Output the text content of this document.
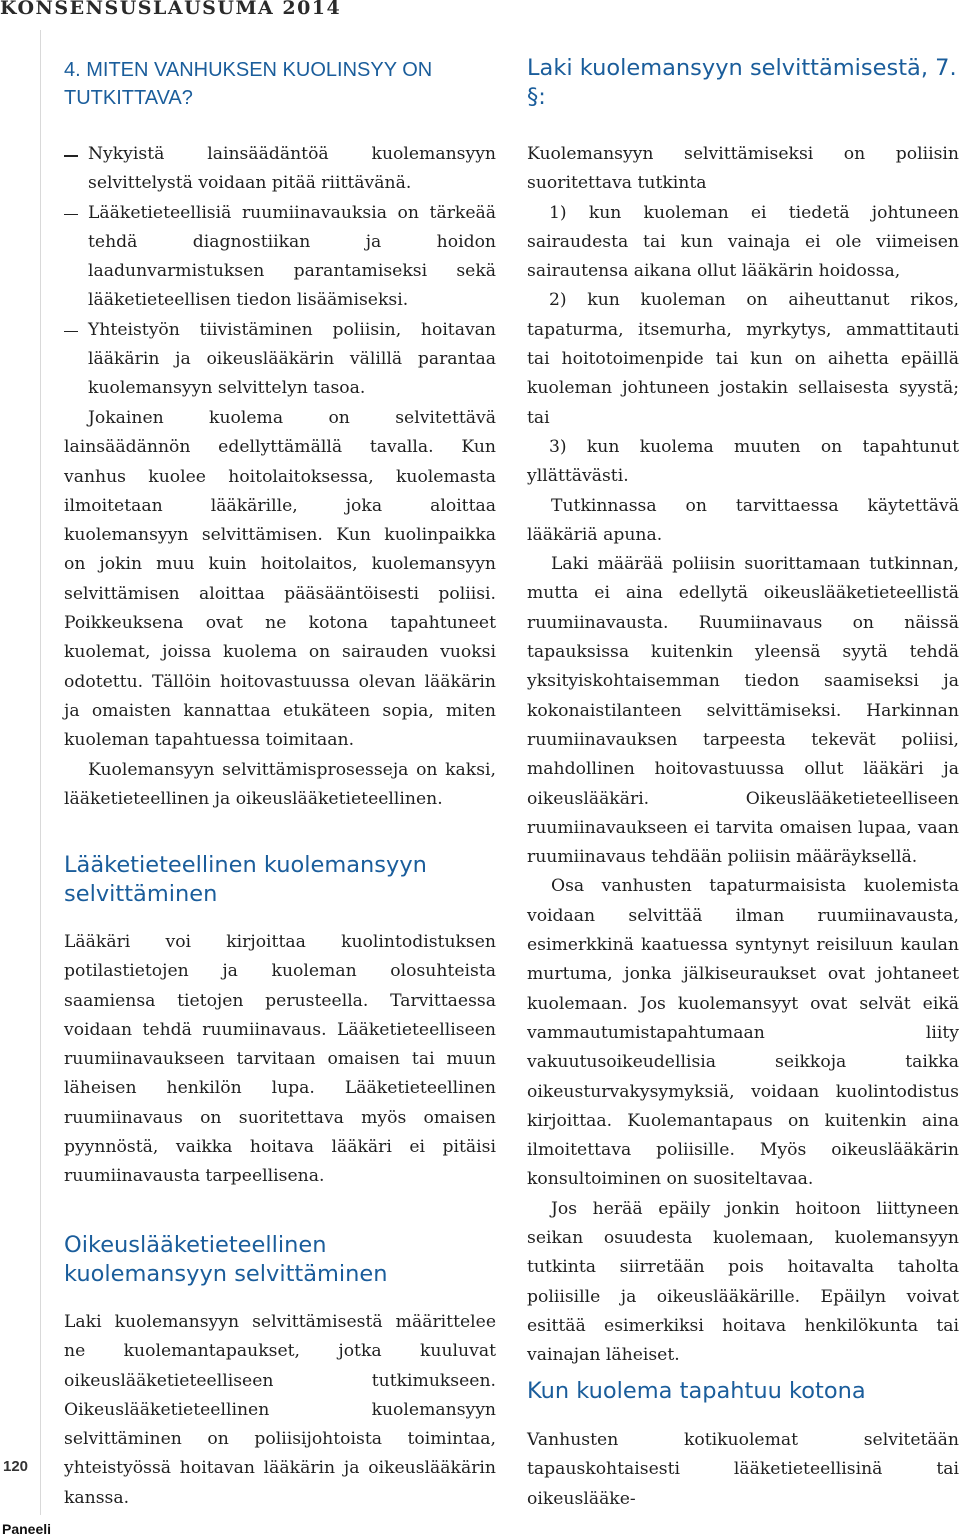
KONSENSUSLAUSUMA 2014
120
Paneeli
4. MITEN VANHUKSEN KUOLINSYY ON TUTKITTAVA?
Nykyistä lainsäädäntöä kuolemansyyn selvittelystä voidaan pitää riittävänä.
Lääketieteellisiä ruumiinavauksia on tärkeää tehdä diagnostiikan ja hoidon laadunvarmistuksen parantamiseksi sekä lääketieteellisen tiedon lisäämiseksi.
Yhteistyön tiivistäminen poliisin, hoitavan lääkärin ja oikeuslääkärin välillä parantaa kuolemansyyn selvittelyn tasoa.

Jokainen kuolema on selvitettävä lainsäädännön edellyttämällä tavalla. Kun vanhus kuolee hoitolaitoksessa, kuolemasta ilmoitetaan lääkärille, joka aloittaa kuolemansyyn selvittämisen. Kun kuolinpaikka on jokin muu kuin hoitolaitos, kuolemansyyn selvittämisen aloittaa pääsääntöisesti poliisi. Poikkeuksena ovat ne kotona tapahtuneet kuolemat, joissa kuolema on sairauden vuoksi odotettu. Tällöin hoitovastuussa olevan lääkärin ja omaisten kannattaa etukäteen sopia, miten kuoleman tapahtuessa toimitaan.

Kuolemansyyn selvittämisprosesseja on kaksi, lääketieteellinen ja oikeuslääketieteellinen.

Lääketieteellinen kuolemansyyn selvittäminen

Lääkäri voi kirjoittaa kuolintodistuksen potilastietojen ja kuoleman olosuhteista saamiensa tietojen perusteella. Tarvittaessa voidaan tehdä ruumiinavaus. Lääketieteelliseen ruumiinavaukseen tarvitaan omaisen tai muun läheisen henkilön lupa. Lääketieteellinen ruumiinavaus on suoritettava myös omaisen pyynnöstä, vaikka hoitava lääkäri ei pitäisi ruumiinavausta tarpeellisena.

Oikeuslääketieteellinen kuolemansyyn selvittäminen

Laki kuolemansyyn selvittämisestä määrittelee ne kuolemantapaukset, jotka kuuluvat oikeuslääketieteelliseen tutkimukseen. Oikeuslääketieteellinen kuolemansyyn selvittäminen on poliisijohtoista toimintaa, yhteistyössä hoitavan lääkärin ja oikeuslääkärin kanssa.

Laki kuolemansyyn selvittämisestä, 7. §:

Kuolemansyyn selvittämiseksi on poliisin suoritettava tutkinta

1) kun kuoleman ei tiedetä johtuneen sairaudesta tai kun vainaja ei ole viimeisen sairautensa aikana ollut lääkärin hoidossa,
2) kun kuoleman on aiheuttanut rikos, tapaturma, itsemurha, myrkytys, ammattitauti tai hoitotoimenpide tai kun on aihetta epäillä kuoleman johtuneen jostakin sellaisesta syystä; tai
3) kun kuolema muuten on tapahtunut yllättävästi.

Tutkinnassa on tarvittaessa käytettävä lääkäriä apuna.

Laki määrää poliisin suorittamaan tutkinnan, mutta ei aina edellytä oikeuslääketieteellistä ruumiinavausta. Ruumiinavaus on näissä tapauksissa kuitenkin yleensä syytä tehdä yksityiskohtaisemman tiedon saamiseksi ja kokonaistilanteen selvittämiseksi. Harkinnan ruumiinavauksen tarpeesta tekevät poliisi, mahdollinen hoitovastuussa ollut lääkäri ja oikeuslääkäri. Oikeuslääketieteelliseen ruumiinavaukseen ei tarvita omaisen lupaa, vaan ruumiinavaus tehdään poliisin määräyksellä.

Osa vanhusten tapaturmaisista kuolemista voidaan selvittää ilman ruumiinavausta, esimerkkinä kaatuessa syntynyt reisiluun kaulan murtuma, jonka jälkiseuraukset ovat johtaneet kuolemaan. Jos kuolemansyyt ovat selvät eikä vammautumistapahtumaan liity vakuutusoikeudellisia seikkoja taikka oikeusturvakysymyksiä, voidaan kuolintodistus kirjoittaa. Kuolemantapaus on kuitenkin aina ilmoitettava poliisille. Myös oikeuslääkärin konsultoiminen on suositeltavaa.

Jos herää epäily jonkin hoitoon liittyneen seikan osuudesta kuolemaan, kuolemansyyn tutkinta siirretään pois hoitavalta taholta poliisille ja oikeuslääkärille. Epäilyn voivat esittää esimerkiksi hoitava henkilökunta tai vainajan läheiset.

Kun kuolema tapahtuu kotona

Vanhusten kotikuolemat selvitetään tapauskohtaisesti lääketieteellisinä tai oikeuslääke-
